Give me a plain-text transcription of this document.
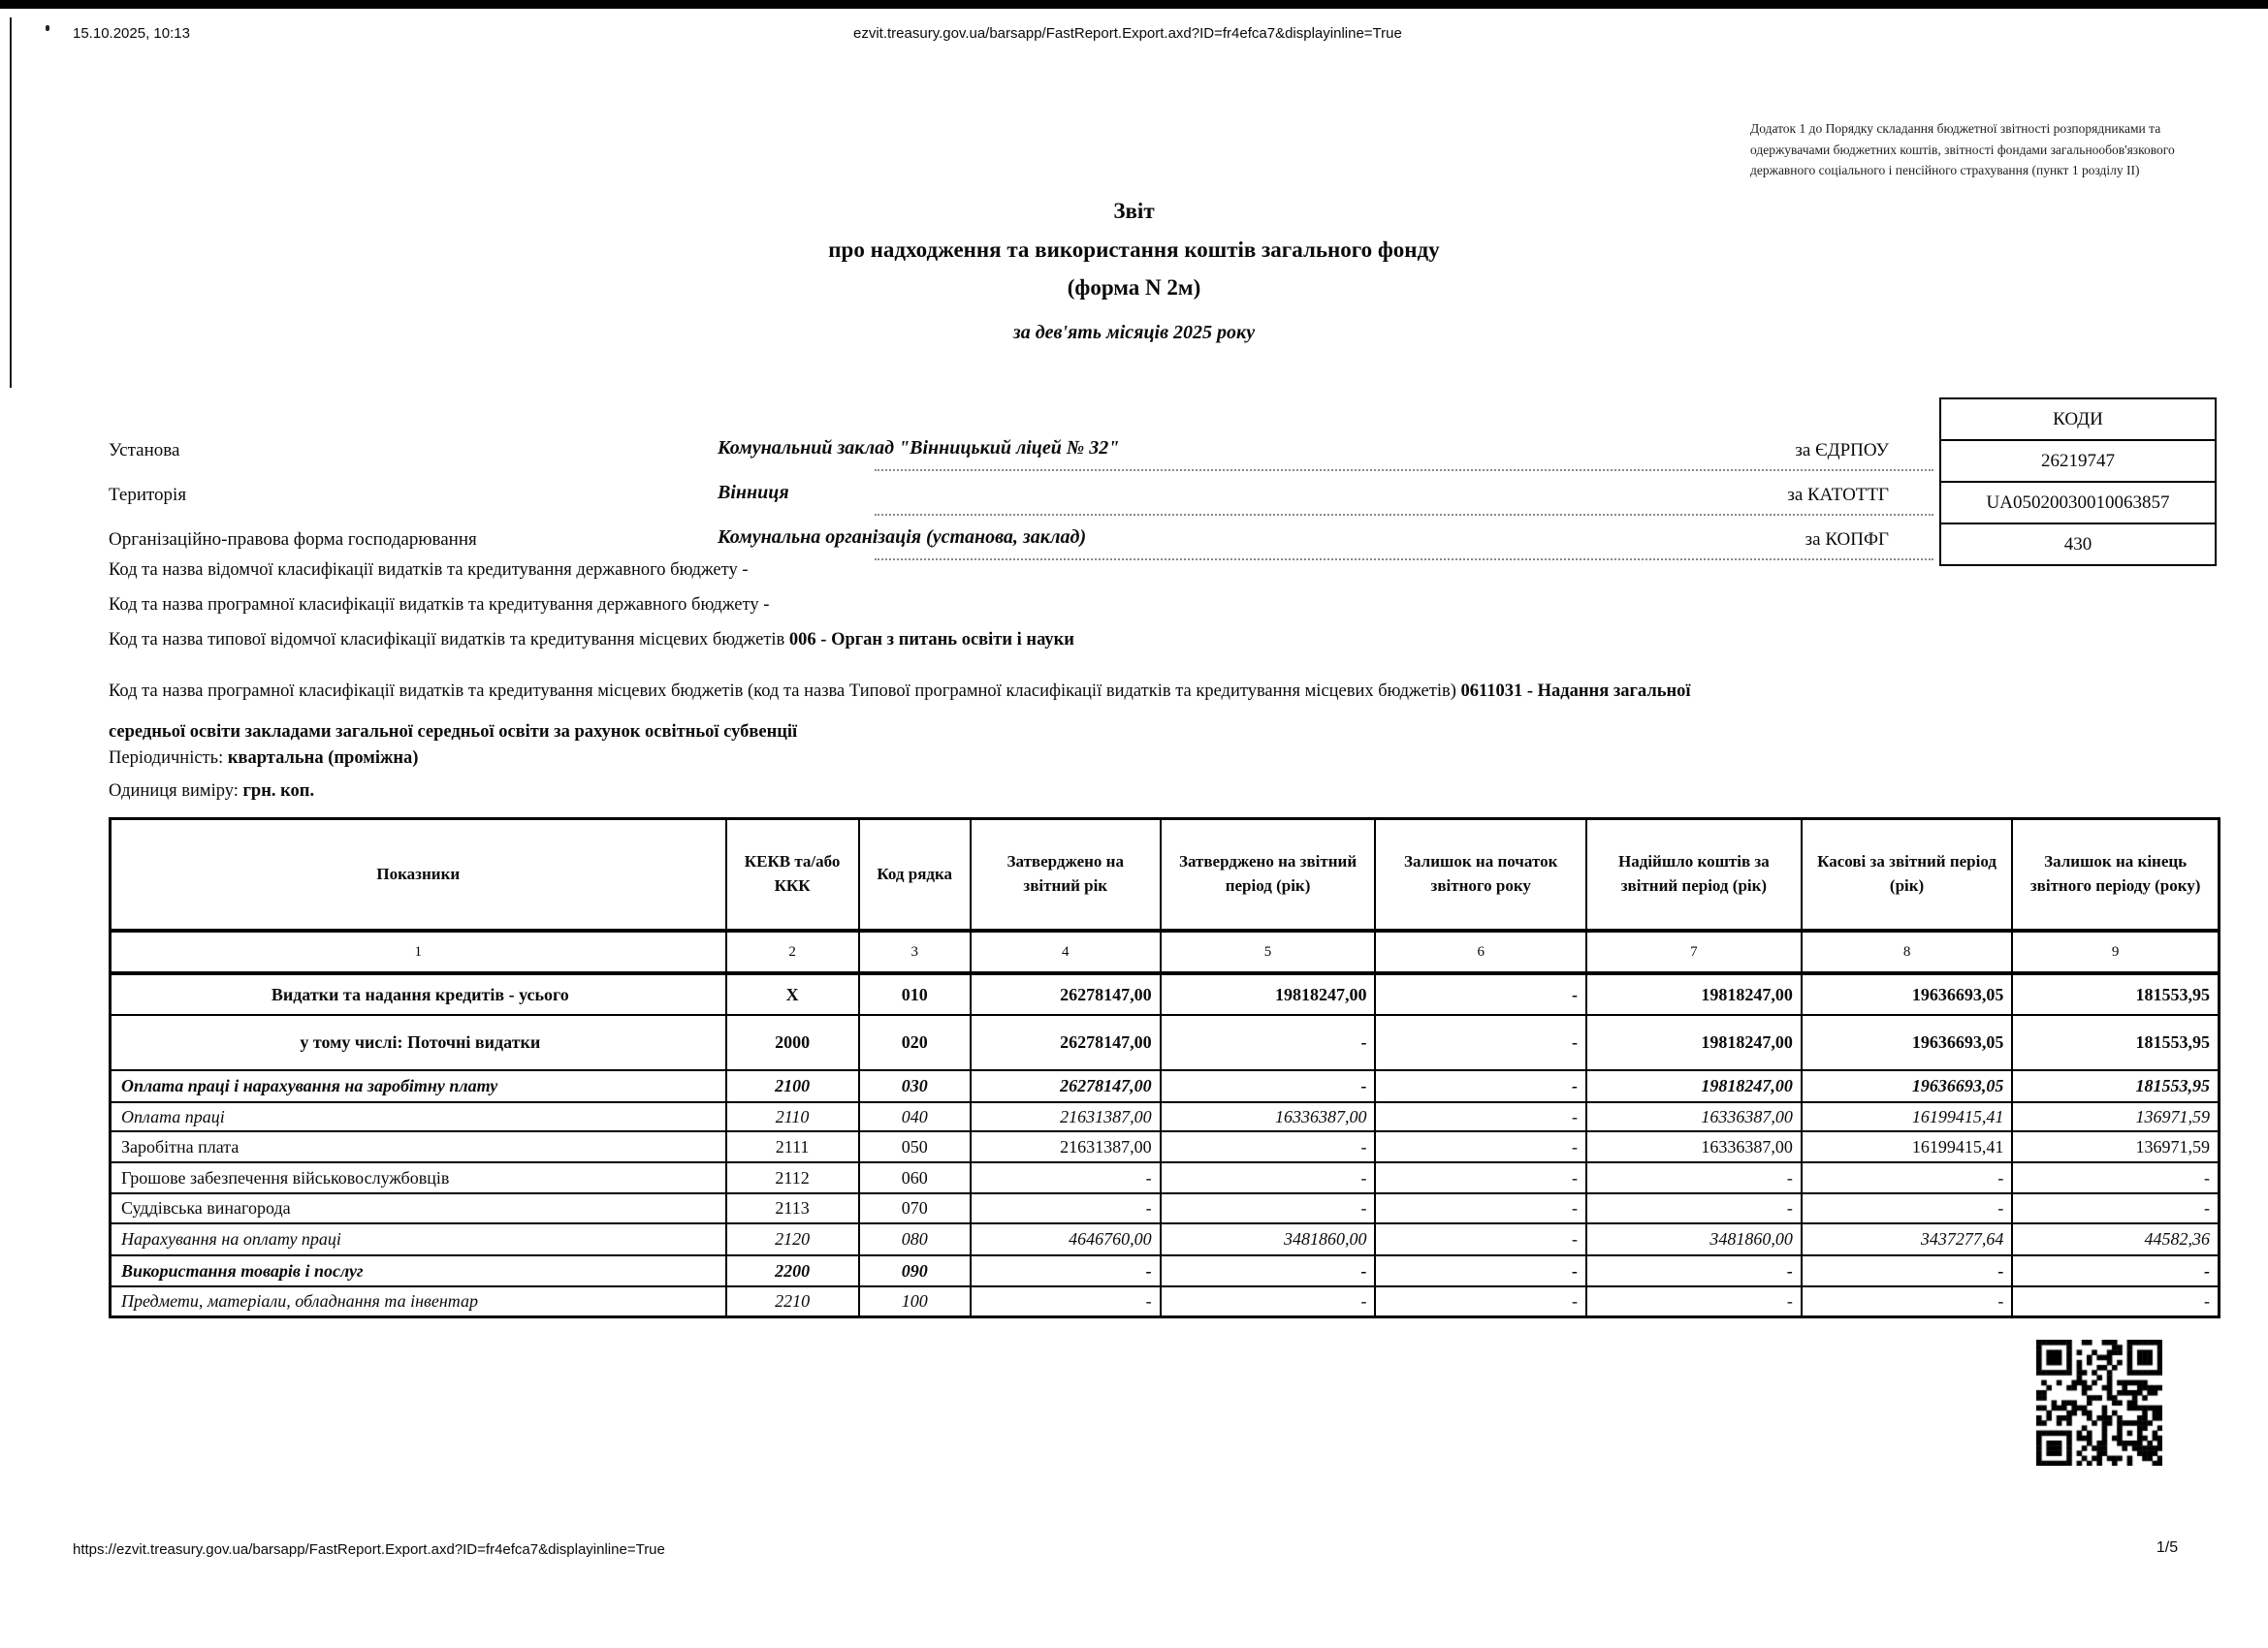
15.10.2025, 10:13	ezvit.treasury.gov.ua/barsapp/FastReport.Export.axd?ID=fr4efca7&displayinline=True
Додаток 1 до Порядку складання бюджетної звітності розпорядниками та одержувачами бюджетних коштів, звітності фондами загальнообов'язкового державного соціального і пенсійного страхування (пункт 1 розділу ІІ)
Звіт
про надходження та використання коштів загального фонду
(форма N 2м)
за дев'ять місяців 2025 року
Установа	Комунальний заклад "Вінницький ліцей № 32"	за ЄДРПОУ
Територія	Вінниця	за КАТОТТГ
Організаційно-правова форма господарювання	Комунальна організація (установа, заклад)	за КОПФГ
КОДИ
26219747
UA05020030010063857
430
Код та назва відомчої класифікації видатків та кредитування державного бюджету -
Код та назва програмної класифікації видатків та кредитування державного бюджету -
Код та назва типової відомчої класифікації видатків та кредитування місцевих бюджетів 006 - Орган з питань освіти і науки
Код та назва програмної класифікації видатків та кредитування місцевих бюджетів (код та назва Типової програмної класифікації видатків та кредитування місцевих бюджетів) 0611031 - Надання загальної середньої освіти закладами загальної середньої освіти за рахунок освітньої субвенції
Періодичність: квартальна (проміжна)
Одиниця виміру: грн. коп.
Показники	КЕКВ та/або ККК	Код рядка	Затверджено на звітний рік	Затверджено на звітний період (рік)	Залишок на початок звітного року	Надійшло коштів за звітний період (рік)	Касові за звітний період (рік)	Залишок на кінець звітного періоду (року)
1	2	3	4	5	6	7	8	9
Видатки та надання кредитів - усього	X	010	26278147,00	19818247,00	-	19818247,00	19636693,05	181553,95
у тому числі: Поточні видатки	2000	020	26278147,00	-	-	19818247,00	19636693,05	181553,95
Оплата праці і нарахування на заробітну плату	2100	030	26278147,00	-	-	19818247,00	19636693,05	181553,95
Оплата праці	2110	040	21631387,00	16336387,00	-	16336387,00	16199415,41	136971,59
Заробітна плата	2111	050	21631387,00	-	-	16336387,00	16199415,41	136971,59
Грошове забезпечення військовослужбовців	2112	060	-	-	-	-	-	-
Суддівська винагорода	2113	070	-	-	-	-	-	-
Нарахування на оплату праці	2120	080	4646760,00	3481860,00	-	3481860,00	3437277,64	44582,36
Використання товарів і послуг	2200	090	-	-	-	-	-	-
Предмети, матеріали, обладнання та інвентар	2210	100	-	-	-	-	-	-
https://ezvit.treasury.gov.ua/barsapp/FastReport.Export.axd?ID=fr4efca7&displayinline=True	1/5
